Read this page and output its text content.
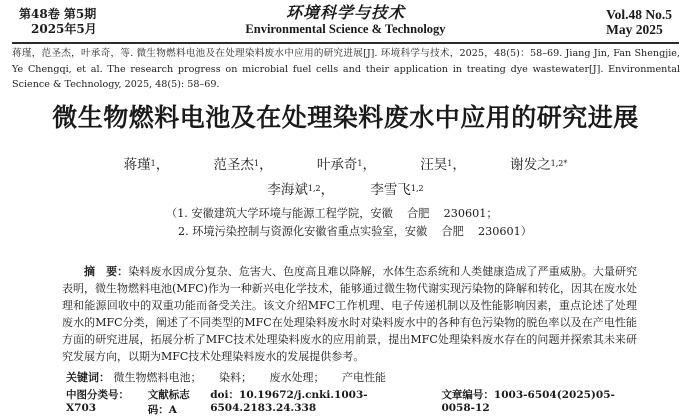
第48卷 第5期
2025年5月
环境科学与技术
Environmental Science & Technology
Vol.48 No.5
May 2025
蒋瑾，范圣杰，叶承奇，等. 微生物燃料电池及在处理染料废水中应用的研究进展[J]. 环境科学与技术，2025，48(5)：58–69. Jiang Jin, Fan Shengjie, Ye Chengqi, et al. The research progress on microbial fuel cells and their application in treating dye wastewater[J]. Environmental Science & Technology, 2025, 48(5): 58–69.
微生物燃料电池及在处理染料废水中应用的研究进展
蒋瑾$^1$，	范圣杰$^1$，	叶承奇$^1$，	汪昊$^1$，	谢发之$^{1,2*}$
李海斌$^{1,2}$，	李雪飞$^{1,2}$
（1. 安徽建筑大学环境与能源工程学院，安徽    合肥    230601；
2. 环境污染控制与资源化安徽省重点实验室，安徽    合肥    230601）
摘　要：染料废水因成分复杂、危害大、色度高且难以降解，水体生态系统和人类健康造成了严重威胁。大量研究表明，微生物燃料电池(MFC)作为一种新兴电化学技术，能够通过微生物代谢实现污染物的降解和转化，因其在废水处理和能源回收中的双重功能而备受关注。该文介绍MFC工作机理、电子传递机制以及性能影响因素，重点论述了处理废水的MFC分类，阐述了不同类型的MFC在处理染料废水时对染料废水中的各种有色污染物的脱色率以及在产电性能方面的研究进展，拓展分析了MFC技术处理染料废水的应用前景，提出MFC处理染料废水存在的问题并探索其未来研究发展方向，以期为MFC技术处理染料废水的发展提供参考。
关键词： 微生物燃料电池； 染料； 废水处理； 产电性能
中图分类号：X703
文献标志码：A
doi：10.19672/j.cnki.1003-6504.2183.24.338
文章编号：1003-6504(2025)05-0058-12
